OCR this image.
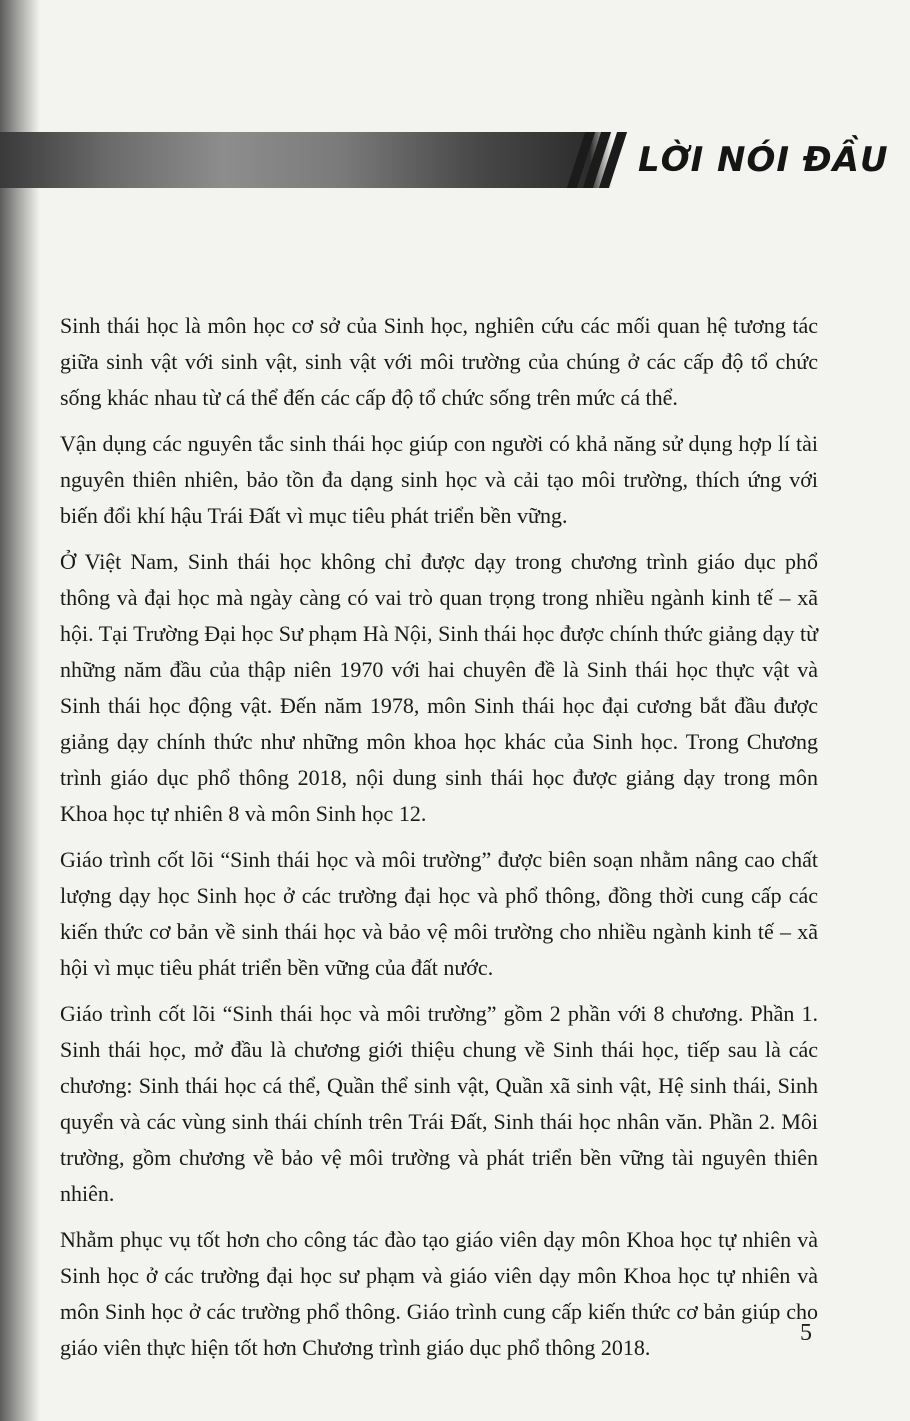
LỜI NÓI ĐẦU

Sinh thái học là môn học cơ sở của Sinh học, nghiên cứu các mối quan hệ tương tác giữa sinh vật với sinh vật, sinh vật với môi trường của chúng ở các cấp độ tổ chức sống khác nhau từ cá thể đến các cấp độ tổ chức sống trên mức cá thể.

Vận dụng các nguyên tắc sinh thái học giúp con người có khả năng sử dụng hợp lí tài nguyên thiên nhiên, bảo tồn đa dạng sinh học và cải tạo môi trường, thích ứng với biến đổi khí hậu Trái Đất vì mục tiêu phát triển bền vững.

Ở Việt Nam, Sinh thái học không chỉ được dạy trong chương trình giáo dục phổ thông và đại học mà ngày càng có vai trò quan trọng trong nhiều ngành kinh tế – xã hội. Tại Trường Đại học Sư phạm Hà Nội, Sinh thái học được chính thức giảng dạy từ những năm đầu của thập niên 1970 với hai chuyên đề là Sinh thái học thực vật và Sinh thái học động vật. Đến năm 1978, môn Sinh thái học đại cương bắt đầu được giảng dạy chính thức như những môn khoa học khác của Sinh học. Trong Chương trình giáo dục phổ thông 2018, nội dung sinh thái học được giảng dạy trong môn Khoa học tự nhiên 8 và môn Sinh học 12.

Giáo trình cốt lõi “Sinh thái học và môi trường” được biên soạn nhằm nâng cao chất lượng dạy học Sinh học ở các trường đại học và phổ thông, đồng thời cung cấp các kiến thức cơ bản về sinh thái học và bảo vệ môi trường cho nhiều ngành kinh tế – xã hội vì mục tiêu phát triển bền vững của đất nước.

Giáo trình cốt lõi “Sinh thái học và môi trường” gồm 2 phần với 8 chương. Phần 1. Sinh thái học, mở đầu là chương giới thiệu chung về Sinh thái học, tiếp sau là các chương: Sinh thái học cá thể, Quần thể sinh vật, Quần xã sinh vật, Hệ sinh thái, Sinh quyển và các vùng sinh thái chính trên Trái Đất, Sinh thái học nhân văn. Phần 2. Môi trường, gồm chương về bảo vệ môi trường và phát triển bền vững tài nguyên thiên nhiên.

Nhằm phục vụ tốt hơn cho công tác đào tạo giáo viên dạy môn Khoa học tự nhiên và Sinh học ở các trường đại học sư phạm và giáo viên dạy môn Khoa học tự nhiên và môn Sinh học ở các trường phổ thông. Giáo trình cung cấp kiến thức cơ bản giúp cho giáo viên thực hiện tốt hơn Chương trình giáo dục phổ thông 2018.

5
